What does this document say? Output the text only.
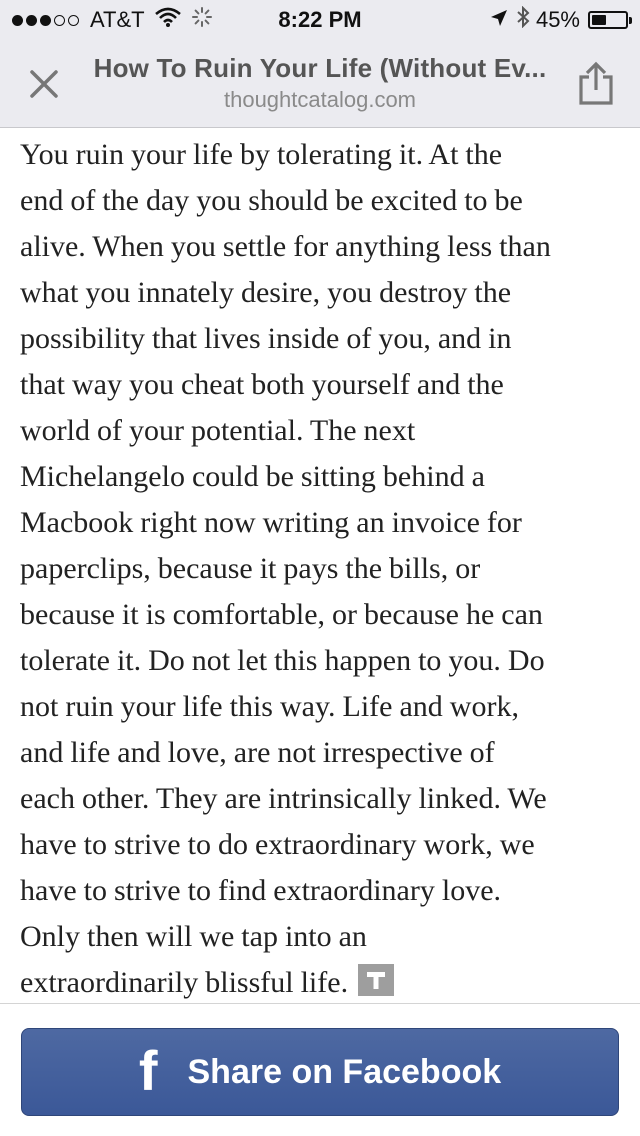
AT&T	8:22 PM	45%
How To Ruin Your Life (Without Ev...
thoughtcatalog.com
You ruin your life by tolerating it. At the
end of the day you should be excited to be
alive. When you settle for anything less than
what you innately desire, you destroy the
possibility that lives inside of you, and in
that way you cheat both yourself and the
world of your potential. The next
Michelangelo could be sitting behind a
Macbook right now writing an invoice for
paperclips, because it pays the bills, or
because it is comfortable, or because he can
tolerate it. Do not let this happen to you. Do
not ruin your life this way. Life and work,
and life and love, are not irrespective of
each other. They are intrinsically linked. We
have to strive to do extraordinary work, we
have to strive to find extraordinary love.
Only then will we tap into an
extraordinarily blissful life.
f Share on Facebook
